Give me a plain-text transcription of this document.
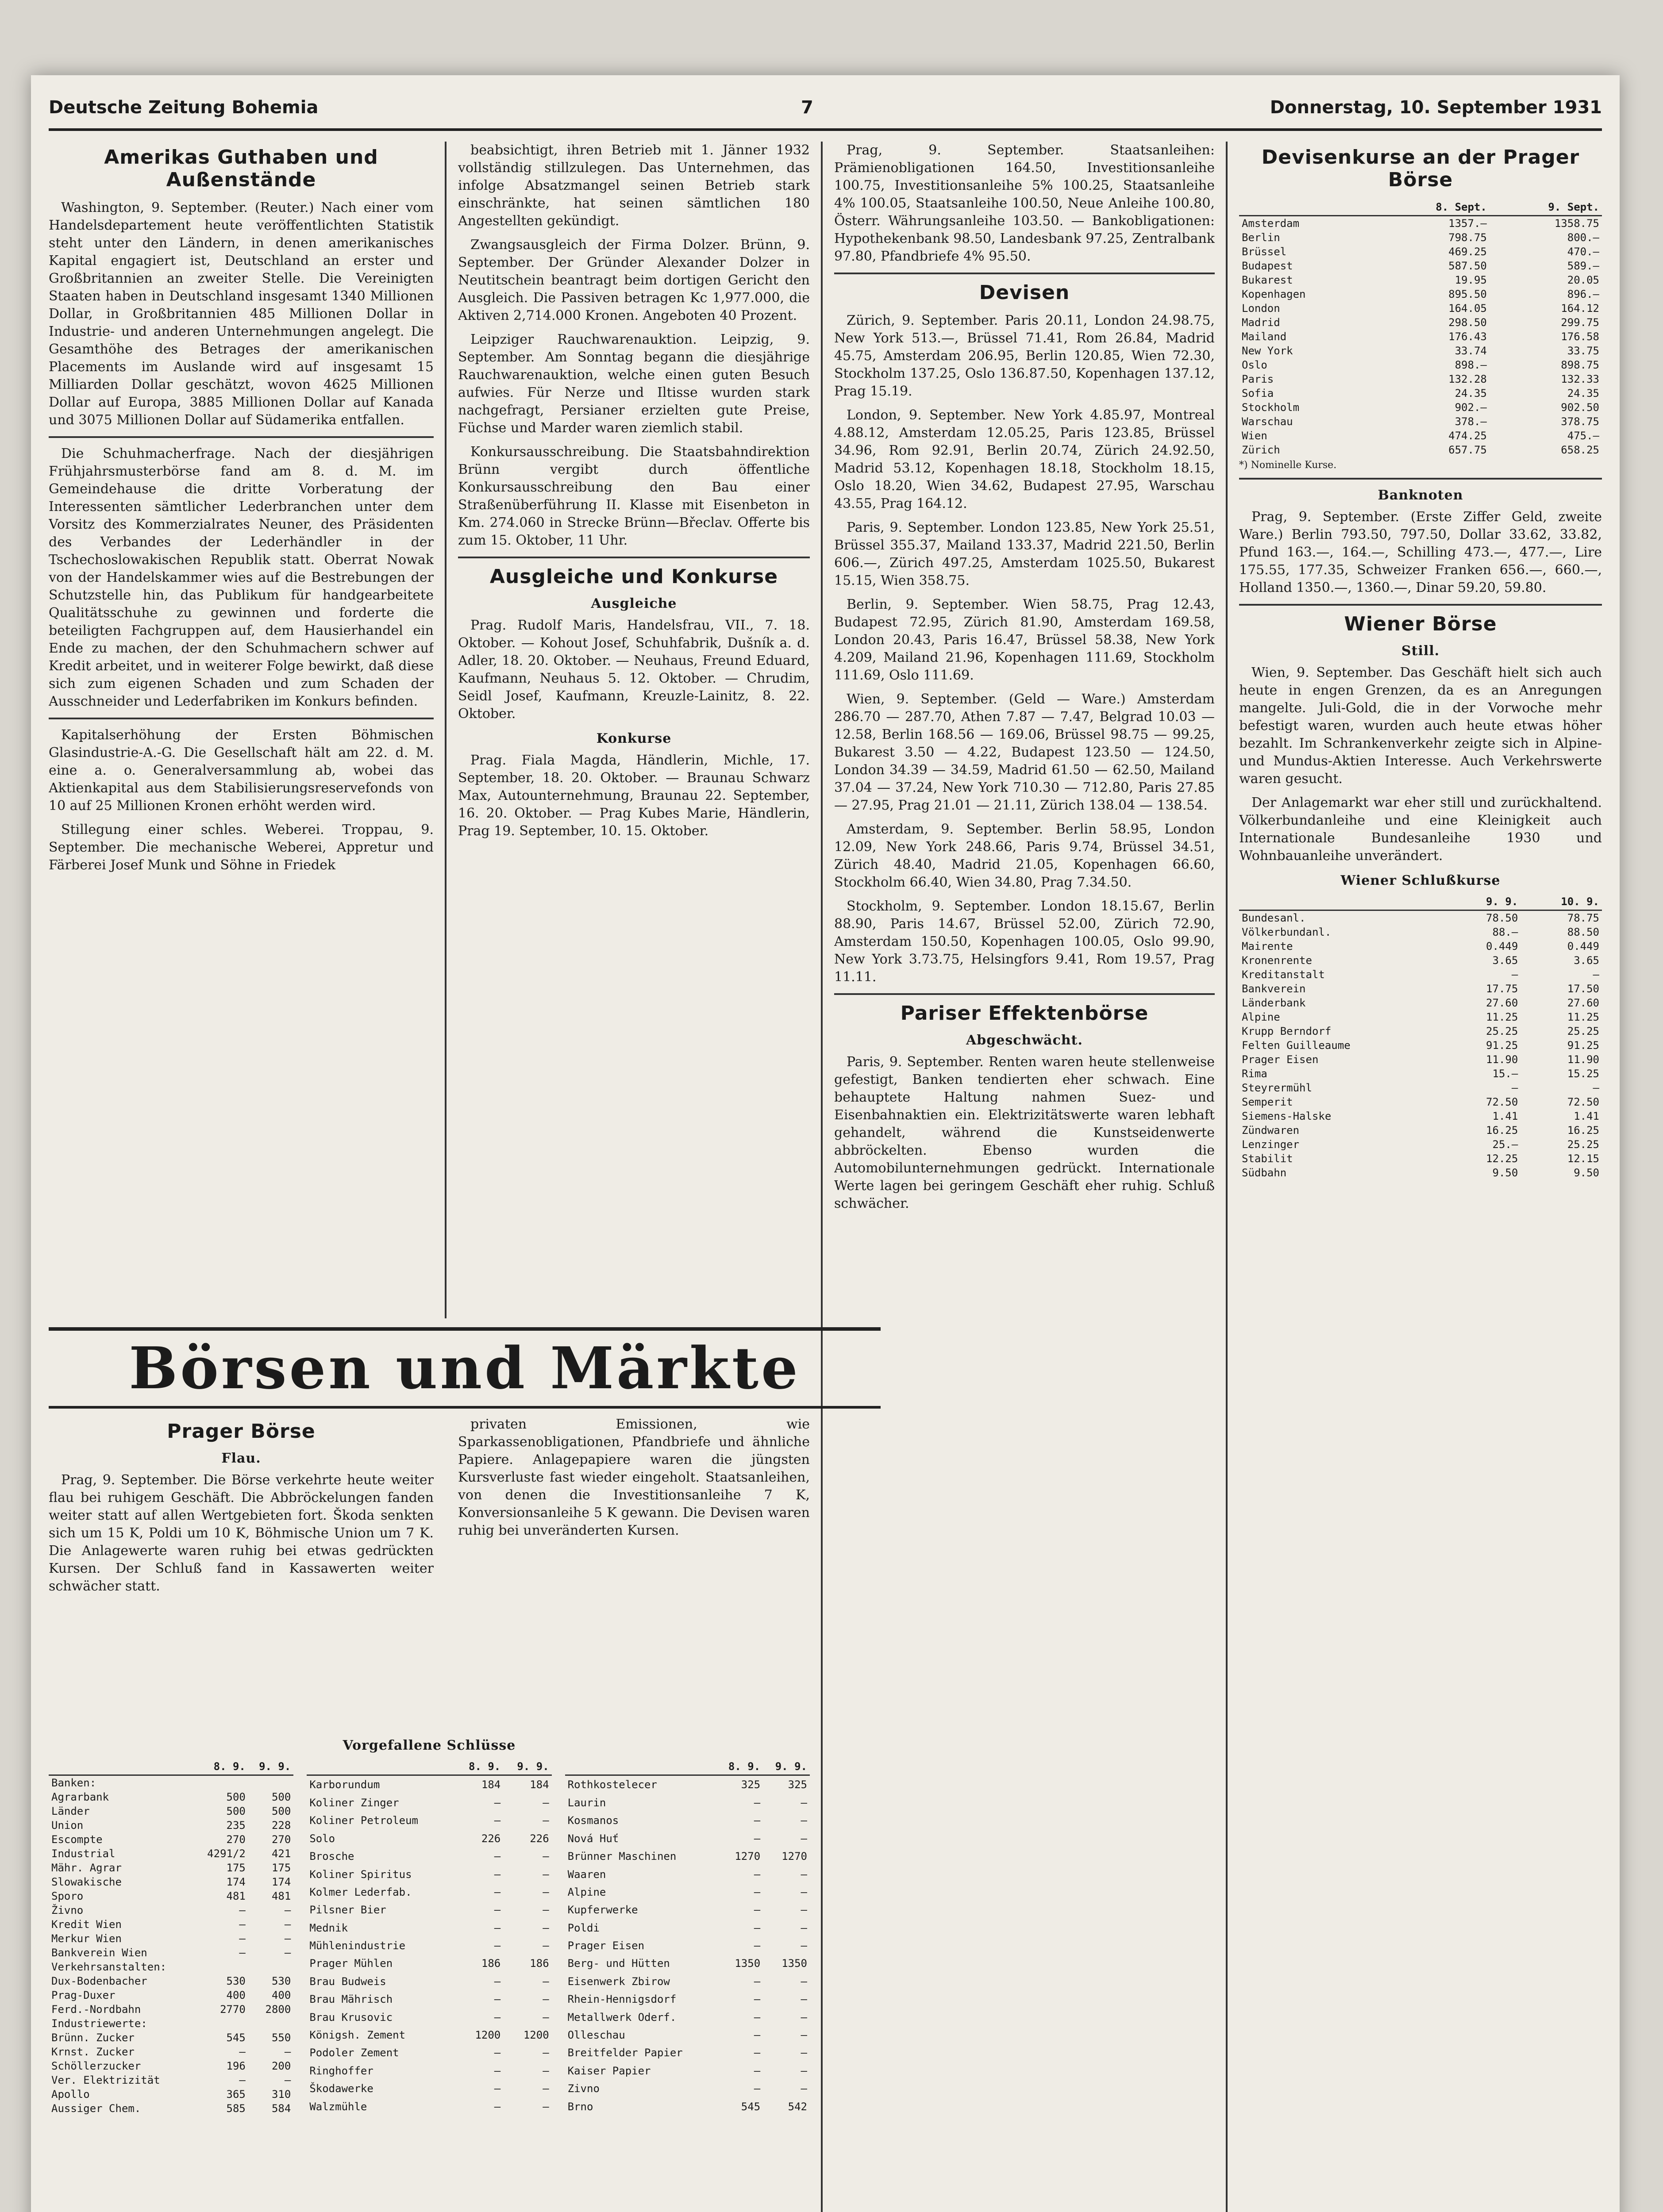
Deutsche Zeitung Bohemia	7	Donnerstag, 10. September 1931
Amerikas Guthaben und Außenstände

Washington, 9. September. (Reuter.) Nach einer vom Handelsdepartement heute veröffentlichten Statistik steht unter den Ländern, in denen amerikanisches Kapital engagiert ist, Deutschland an erster und Großbritannien an zweiter Stelle. Die Vereinigten Staaten haben in Deutschland insgesamt 1340 Millionen Dollar, in Großbritannien 485 Millionen Dollar in Industrie- und anderen Unternehmungen angelegt. Die Gesamthöhe des Betrages der amerikanischen Placements im Auslande wird auf insgesamt 15 Milliarden Dollar geschätzt, wovon 4625 Millionen Dollar auf Europa, 3885 Millionen Dollar auf Kanada und 3075 Millionen Dollar auf Südamerika entfallen.

Die Schuhmacherfrage. Nach der diesjährigen Frühjahrsmusterbörse fand am 8. d. M. im Gemeindehause die dritte Vorberatung der Interessenten sämtlicher Lederbranchen unter dem Vorsitz des Kommerzialrates Neuner, des Präsidenten des Verbandes der Lederhändler in der Tschechoslowakischen Republik statt. Oberrat Nowak von der Handelskammer wies auf die Bestrebungen der Schutzstelle hin, das Publikum für handgearbeitete Qualitätsschuhe zu gewinnen und forderte die beteiligten Fachgruppen auf, dem Hausierhandel ein Ende zu machen, der den Schuhmachern schwer auf Kredit arbeitet, und in weiterer Folge bewirkt, daß diese sich zum eigenen Schaden und zum Schaden der Ausschneider und Lederfabriken im Konkurs befinden.

Kapitalserhöhung der Ersten Böhmischen Glasindustrie-A.-G. Die Gesellschaft hält am 22. d. M. eine a. o. Generalversammlung ab, wobei das Aktienkapital aus dem Stabilisierungsreservefonds von 10 auf 25 Millionen Kronen erhöht werden wird.

Stillegung einer schles. Weberei. Troppau, 9. September. Die mechanische Weberei, Appretur und Färberei Josef Munk und Söhne in Friedek

beabsichtigt, ihren Betrieb mit 1. Jänner 1932 vollständig stillzulegen. Das Unternehmen, das infolge Absatzmangel seinen Betrieb stark einschränkte, hat seinen sämtlichen 180 Angestellten gekündigt.

Zwangsausgleich der Firma Dolzer. Brünn, 9. September. Der Gründer Alexander Dolzer in Neutitschein beantragt beim dortigen Gericht den Ausgleich. Die Passiven betragen Kc 1,977.000, die Aktiven 2,714.000 Kronen. Angeboten 40 Prozent.

Leipziger Rauchwarenauktion. Leipzig, 9. September. Am Sonntag begann die diesjährige Rauchwarenauktion, welche einen guten Besuch aufwies. Für Nerze und Iltisse wurden stark nachgefragt, Persianer erzielten gute Preise, Füchse und Marder waren ziemlich stabil.

Konkursausschreibung. Die Staatsbahndirektion Brünn vergibt durch öffentliche Konkursausschreibung den Bau einer Straßenüberführung II. Klasse mit Eisenbeton in Km. 274.060 in Strecke Brünn—Břeclav. Offerte bis zum 15. Oktober, 11 Uhr.

Ausgleiche und Konkurse
Ausgleiche

Prag. Rudolf Maris, Handelsfrau, VII., 7. 18. Oktober. — Kohout Josef, Schuhfabrik, Dušník a. d. Adler, 18. 20. Oktober. — Neuhaus, Freund Eduard, Kaufmann, Neuhaus 5. 12. Oktober. — Chrudim, Seidl Josef, Kaufmann, Kreuzle-Lainitz, 8. 22. Oktober.

Konkurse

Prag. Fiala Magda, Händlerin, Michle, 17. September, 18. 20. Oktober. — Braunau Schwarz Max, Autounternehmung, Braunau 22. September, 16. 20. Oktober. — Prag Kubes Marie, Händlerin, Prag 19. September, 10. 15. Oktober.

Prag, 9. September. Staatsanleihen: Prämienobligationen 164.50, Investitionsanleihe 100.75, Investitionsanleihe 5% 100.25, Staatsanleihe 4% 100.05, Staatsanleihe 100.50, Neue Anleihe 100.80, Österr. Währungsanleihe 103.50. — Bankobligationen: Hypothekenbank 98.50, Landesbank 97.25, Zentralbank 97.80, Pfandbriefe 4% 95.50.

Devisen

Zürich, 9. September. Paris 20.11, London 24.98.75, New York 513.—, Brüssel 71.41, Rom 26.84, Madrid 45.75, Amsterdam 206.95, Berlin 120.85, Wien 72.30, Stockholm 137.25, Oslo 136.87.50, Kopenhagen 137.12, Prag 15.19.

London, 9. September. New York 4.85.97, Montreal 4.88.12, Amsterdam 12.05.25, Paris 123.85, Brüssel 34.96, Rom 92.91, Berlin 20.74, Zürich 24.92.50, Madrid 53.12, Kopenhagen 18.18, Stockholm 18.15, Oslo 18.20, Wien 34.62, Budapest 27.95, Warschau 43.55, Prag 164.12.

Paris, 9. September. London 123.85, New York 25.51, Brüssel 355.37, Mailand 133.37, Madrid 221.50, Berlin 606.—, Zürich 497.25, Amsterdam 1025.50, Bukarest 15.15, Wien 358.75.

Berlin, 9. September. Wien 58.75, Prag 12.43, Budapest 72.95, Zürich 81.90, Amsterdam 169.58, London 20.43, Paris 16.47, Brüssel 58.38, New York 4.209, Mailand 21.96, Kopenhagen 111.69, Stockholm 111.69, Oslo 111.69.

Wien, 9. September. (Geld — Ware.) Amsterdam 286.70 — 287.70, Athen 7.87 — 7.47, Belgrad 10.03 — 12.58, Berlin 168.56 — 169.06, Brüssel 98.75 — 99.25, Bukarest 3.50 — 4.22, Budapest 123.50 — 124.50, London 34.39 — 34.59, Madrid 61.50 — 62.50, Mailand 37.04 — 37.24, New York 710.30 — 712.80, Paris 27.85 — 27.95, Prag 21.01 — 21.11, Zürich 138.04 — 138.54.

Amsterdam, 9. September. Berlin 58.95, London 12.09, New York 248.66, Paris 9.74, Brüssel 34.51, Zürich 48.40, Madrid 21.05, Kopenhagen 66.60, Stockholm 66.40, Wien 34.80, Prag 7.34.50.

Stockholm, 9. September. London 18.15.67, Berlin 88.90, Paris 14.67, Brüssel 52.00, Zürich 72.90, Amsterdam 150.50, Kopenhagen 100.05, Oslo 99.90, New York 3.73.75, Helsingfors 9.41, Rom 19.57, Prag 11.11.

Pariser Effektenbörse
Abgeschwächt.

Paris, 9. September. Renten waren heute stellenweise gefestigt, Banken tendierten eher schwach. Eine behauptete Haltung nahmen Suez- und Eisenbahnaktien ein. Elektrizitätswerte waren lebhaft gehandelt, während die Kunstseidenwerte abbröckelten. Ebenso wurden die Automobilunternehmungen gedrückt. Internationale Werte lagen bei geringem Geschäft eher ruhig. Schluß schwächer.

Devisenkurse an der Prager Börse
	8. Sept.	9. Sept.
Amsterdam	1357.—	1358.75
Berlin	798.75	800.—
Brüssel	469.25	470.—
Budapest	587.50	589.—
Bukarest	19.95	20.05
Kopenhagen	895.50	896.—
London	164.05	164.12
Madrid	298.50	299.75
Mailand	176.43	176.58
New York	33.74	33.75
Oslo	898.—	898.75
Paris	132.28	132.33
Sofia	24.35	24.35
Stockholm	902.—	902.50
Warschau	378.—	378.75
Wien	474.25	475.—
Zürich	657.75	658.25
*) Nominelle Kurse.
Banknoten

Prag, 9. September. (Erste Ziffer Geld, zweite Ware.) Berlin 793.50, 797.50, Dollar 33.62, 33.82, Pfund 163.—, 164.—, Schilling 473.—, 477.—, Lire 175.55, 177.35, Schweizer Franken 656.—, 660.—, Holland 1350.—, 1360.—, Dinar 59.20, 59.80.

Wiener Börse
Still.

Wien, 9. September. Das Geschäft hielt sich auch heute in engen Grenzen, da es an Anregungen mangelte. Juli-Gold, die in der Vorwoche mehr befestigt waren, wurden auch heute etwas höher bezahlt. Im Schrankenverkehr zeigte sich in Alpine- und Mundus-Aktien Interesse. Auch Verkehrswerte waren gesucht.

Der Anlagemarkt war eher still und zurückhaltend. Völkerbundanleihe und eine Kleinigkeit auch Internationale Bundesanleihe 1930 und Wohnbauanleihe unverändert.

Wiener Schlußkurse
	9. 9.	10. 9.
Bundesanl.	78.50	78.75
Völkerbundanl.	88.—	88.50
Mairente	0.449	0.449
Kronenrente	3.65	3.65
Kreditanstalt	—	—
Bankverein	17.75	17.50
Länderbank	27.60	27.60
Alpine	11.25	11.25
Krupp Berndorf	25.25	25.25
Felten Guilleaume	91.25	91.25
Prager Eisen	11.90	11.90
Rima	15.—	15.25
Steyrermühl	—	—
Semperit	72.50	72.50
Siemens-Halske	1.41	1.41
Zündwaren	16.25	16.25
Lenzinger	25.—	25.25
Stabilit	12.25	12.15
Südbahn	9.50	9.50
Börsen und Märkte
Prager Börse
Flau.

Prag, 9. September. Die Börse verkehrte heute weiter flau bei ruhigem Geschäft. Die Abbröckelungen fanden weiter statt auf allen Wertgebieten fort. Škoda senkten sich um 15 K, Poldi um 10 K, Böhmische Union um 7 K. Die Anlagewerte waren ruhig bei etwas gedrückten Kursen. Der Schluß fand in Kassawerten weiter schwächer statt.

privaten Emissionen, wie Sparkassenobligationen, Pfandbriefe und ähnliche Papiere. Anlagepapiere waren die jüngsten Kursverluste fast wieder eingeholt. Staatsanleihen, von denen die Investitionsanleihe 7 K, Konversionsanleihe 5 K gewann. Die Devisen waren ruhig bei unveränderten Kursen.

Vorgefallene Schlüsse
	8. 9.	9. 9.
Banken:		
Agrarbank	500	500
Länder	500	500
Union	235	228
Escompte	270	270
Industrial	4291/2	421
Mähr. Agrar	175	175
Slowakische	174	174
Sporo	481	481
Živno	—	—
Kredit Wien	—	—
Merkur Wien	—	—
Bankverein Wien	—	—
Verkehrsanstalten:		
Dux-Bodenbacher	530	530
Prag-Duxer	400	400
Ferd.-Nordbahn	2770	2800
Industriewerte:		
Brünn. Zucker	545	550
Krnst. Zucker	—	—
Schöllerzucker	196	200
Ver. Elektrizität	—	—
Apollo	365	310
Aussiger Chem.	585	584
	8. 9.	9. 9.
Karborundum	184	184
Koliner Zinger	—	—
Koliner Petroleum	—	—
Solo	226	226
Brosche	—	—
Koliner Spiritus	—	—
Kolmer Lederfab.	—	—
Pilsner Bier	—	—
Mednik	—	—
Mühlenindustrie	—	—
Prager Mühlen	186	186
Brau Budweis	—	—
Brau Mährisch	—	—
Brau Krusovic	—	—
Königsh. Zement	1200	1200
Podoler Zement	—	—
Ringhoffer	—	—
Škodawerke	—	—
Walzmühle	—	—
	8. 9.	9. 9.
Rothkostelecer	325	325
Laurin	—	—
Kosmanos	—	—
Nová Huť	—	—
Brünner Maschinen	1270	1270
Waaren	—	—
Alpine	—	—
Kupferwerke	—	—
Poldi	—	—
Prager Eisen	—	—
Berg- und Hütten	1350	1350
Eisenwerk Zbirow	—	—
Rhein-Hennigsdorf	—	—
Metallwerk Oderf.	—	—
Olleschau	—	—
Breitfelder Papier	—	—
Kaiser Papier	—	—
Zivno	—	—
Brno	545	542
